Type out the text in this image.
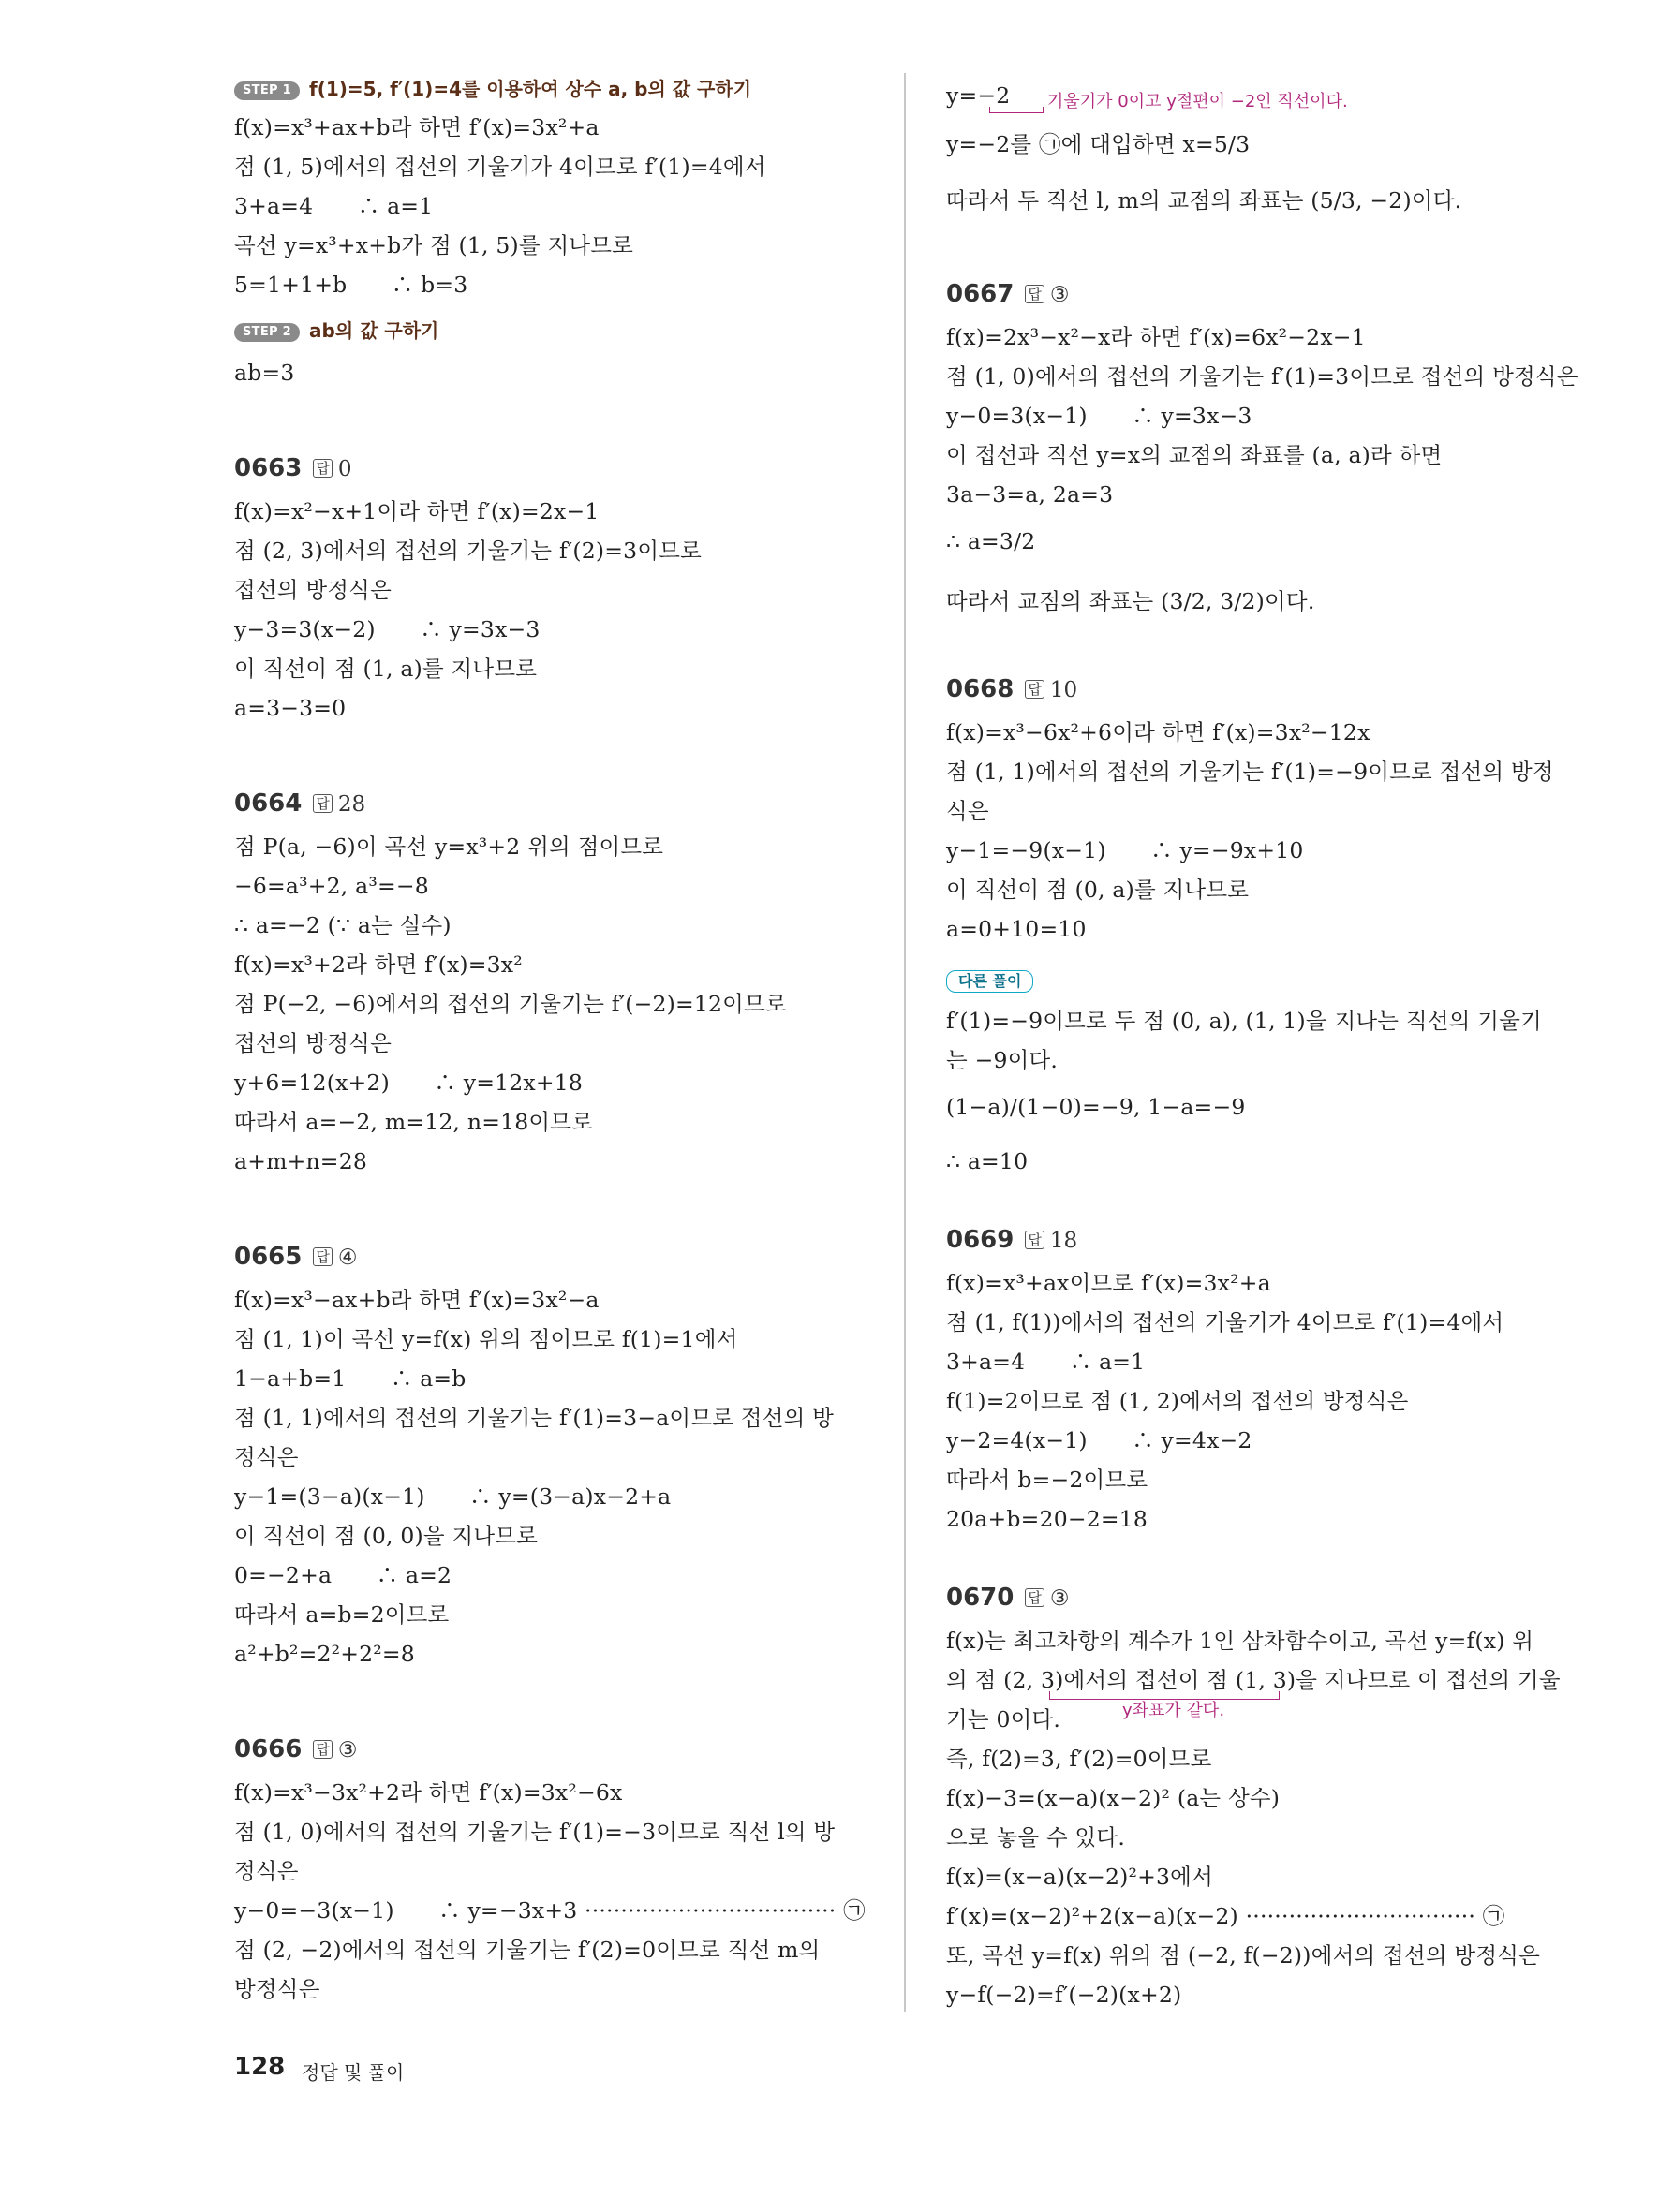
STEP 1 f(1)=5, f′(1)=4를 이용하여 상수 a, b의 값 구하기
f(x)=x³+ax+b라 하면 f′(x)=3x²+a
점 (1, 5)에서의 접선의 기울기가 4이므로 f′(1)=4에서
3+a=4　　∴ a=1
곡선 y=x³+x+b가 점 (1, 5)를 지나므로
5=1+1+b　　∴ b=3
STEP 2 ab의 값 구하기
ab=3
0663 답 0
f(x)=x²−x+1이라 하면 f′(x)=2x−1
점 (2, 3)에서의 접선의 기울기는 f′(2)=3이므로
접선의 방정식은
y−3=3(x−2)　　∴ y=3x−3
이 직선이 점 (1, a)를 지나므로
a=3−3=0
0664 답 28
점 P(a, −6)이 곡선 y=x³+2 위의 점이므로
−6=a³+2, a³=−8
∴ a=−2 (∵ a는 실수)
f(x)=x³+2라 하면 f′(x)=3x²
점 P(−2, −6)에서의 접선의 기울기는 f′(−2)=12이므로
접선의 방정식은
y+6=12(x+2)　　∴ y=12x+18
따라서 a=−2, m=12, n=18이므로
a+m+n=28
0665 답 ④
f(x)=x³−ax+b라 하면 f′(x)=3x²−a
점 (1, 1)이 곡선 y=f(x) 위의 점이므로 f(1)=1에서
1−a+b=1　　∴ a=b
점 (1, 1)에서의 접선의 기울기는 f′(1)=3−a이므로 접선의 방
정식은
y−1=(3−a)(x−1)　　∴ y=(3−a)x−2+a
이 직선이 점 (0, 0)을 지나므로
0=−2+a　　∴ a=2
따라서 a=b=2이므로
a²+b²=2²+2²=8
0666 답 ③
f(x)=x³−3x²+2라 하면 f′(x)=3x²−6x
점 (1, 0)에서의 접선의 기울기는 f′(1)=−3이므로 직선 l의 방
정식은
y−0=−3(x−1)　　∴ y=−3x+3 ··································· ㉠
점 (2, −2)에서의 접선의 기울기는 f′(2)=0이므로 직선 m의
방정식은
y=−2 기울기가 0이고 y절편이 −2인 직선이다.
y=−2를 ㉠에 대입하면 x=5/3
따라서 두 직선 l, m의 교점의 좌표는 (5/3, −2)이다.
0667 답 ③
f(x)=2x³−x²−x라 하면 f′(x)=6x²−2x−1
점 (1, 0)에서의 접선의 기울기는 f′(1)=3이므로 접선의 방정식은
y−0=3(x−1)　　∴ y=3x−3
이 접선과 직선 y=x의 교점의 좌표를 (a, a)라 하면
3a−3=a, 2a=3
∴ a=3/2
따라서 교점의 좌표는 (3/2, 3/2)이다.
0668 답 10
f(x)=x³−6x²+6이라 하면 f′(x)=3x²−12x
점 (1, 1)에서의 접선의 기울기는 f′(1)=−9이므로 접선의 방정
식은
y−1=−9(x−1)　　∴ y=−9x+10
이 직선이 점 (0, a)를 지나므로
a=0+10=10
다른 풀이
f′(1)=−9이므로 두 점 (0, a), (1, 1)을 지나는 직선의 기울기
는 −9이다.
(1−a)/(1−0)=−9, 1−a=−9
∴ a=10
0669 답 18
f(x)=x³+ax이므로 f′(x)=3x²+a
점 (1, f(1))에서의 접선의 기울기가 4이므로 f′(1)=4에서
3+a=4　　∴ a=1
f(1)=2이므로 점 (1, 2)에서의 접선의 방정식은
y−2=4(x−1)　　∴ y=4x−2
따라서 b=−2이므로
20a+b=20−2=18
0670 답 ③
f(x)는 최고차항의 계수가 1인 삼차함수이고, 곡선 y=f(x) 위
의 점 (2, 3)에서의 접선이 점 (1, 3)을 지나므로 이 접선의 기울
y좌표가 같다.
기는 0이다.
즉, f(2)=3, f′(2)=0이므로
f(x)−3=(x−a)(x−2)² (a는 상수)
으로 놓을 수 있다.
f(x)=(x−a)(x−2)²+3에서
f′(x)=(x−2)²+2(x−a)(x−2) ································ ㉠
또, 곡선 y=f(x) 위의 점 (−2, f(−2))에서의 접선의 방정식은
y−f(−2)=f′(−2)(x+2)
128 정답 및 풀이
